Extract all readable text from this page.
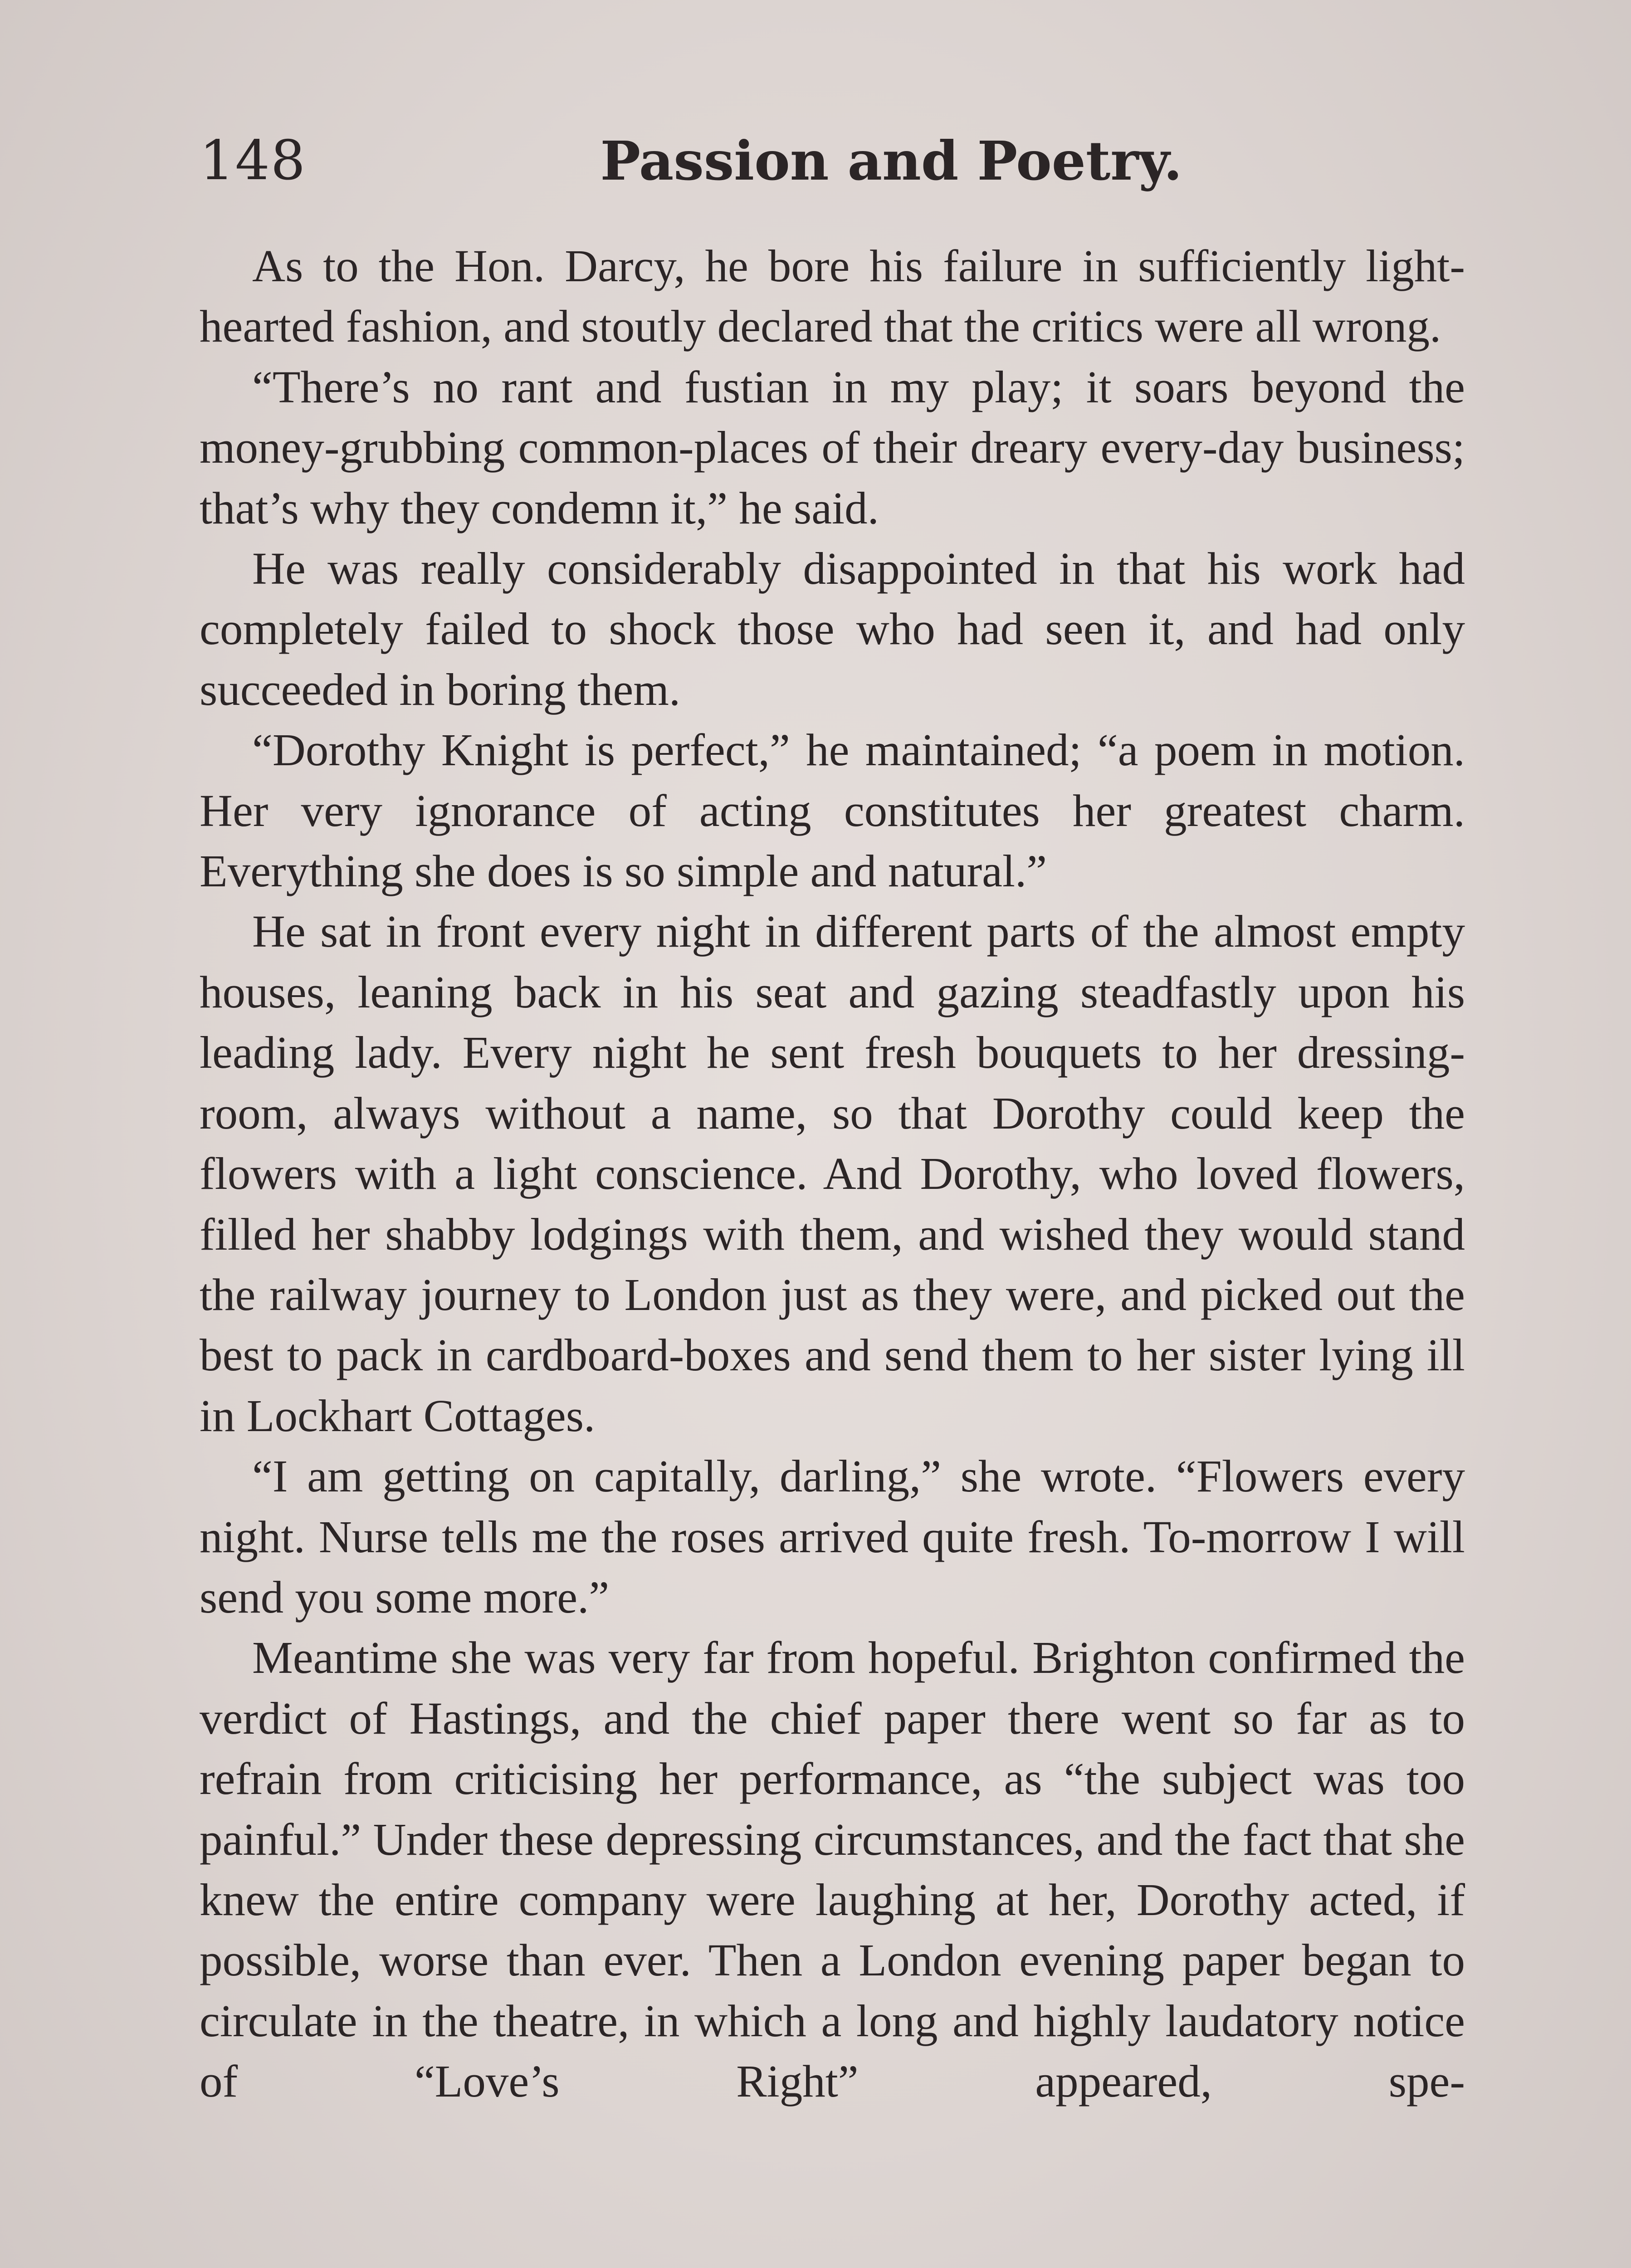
148	Passion and Poetry.

As to the Hon. Darcy, he bore his failure in sufficiently light-hearted fashion, and stoutly declared that the critics were all wrong.

“There’s no rant and fustian in my play; it soars beyond the money-grubbing common-places of their dreary every-day business; that’s why they condemn it,” he said.

He was really considerably disappointed in that his work had completely failed to shock those who had seen it, and had only succeeded in boring them.

“Dorothy Knight is perfect,” he maintained; “a poem in motion. Her very ignorance of acting constitutes her greatest charm. Everything she does is so simple and natural.”

He sat in front every night in different parts of the almost empty houses, leaning back in his seat and gazing steadfastly upon his leading lady. Every night he sent fresh bouquets to her dressing-room, always without a name, so that Dorothy could keep the flowers with a light conscience. And Dorothy, who loved flowers, filled her shabby lodgings with them, and wished they would stand the railway journey to London just as they were, and picked out the best to pack in cardboard-boxes and send them to her sister lying ill in Lockhart Cottages.

“I am getting on capitally, darling,” she wrote. “Flowers every night. Nurse tells me the roses arrived quite fresh. To-morrow I will send you some more.”

Meantime she was very far from hopeful. Brighton confirmed the verdict of Hastings, and the chief paper there went so far as to refrain from criticising her performance, as “the subject was too painful.” Under these depressing circumstances, and the fact that she knew the entire company were laughing at her, Dorothy acted, if possible, worse than ever. Then a London evening paper began to circulate in the theatre, in which a long and highly laudatory notice of “Love’s Right” appeared, spe-
